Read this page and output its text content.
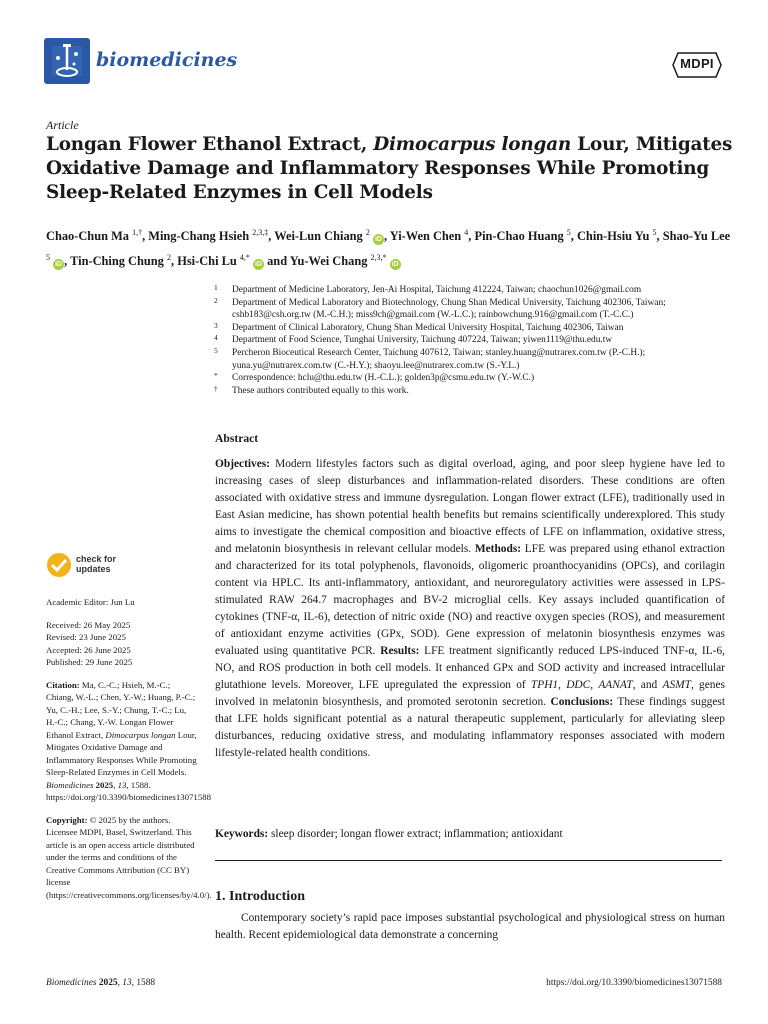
biomedicines	MDPI
Article
Longan Flower Ethanol Extract, Dimocarpus longan Lour, Mitigates Oxidative Damage and Inflammatory Responses While Promoting Sleep-Related Enzymes in Cell Models
Chao-Chun Ma $^{1,\dagger}$, Ming-Chang Hsieh $^{2,3,\ddagger}$, Wei-Lun Chiang $^2$ iD , Yi-Wen Chen $^4$, Pin-Chao Huang $^5$, Chin-Hsiu Yu $^5$, Shao-Yu Lee $^5$ iD , Tin-Ching Chung $^2$, Hsi-Chi Lu $^{4,*}$ iD and Yu-Wei Chang $^{2,3,*}$ iD
1 Department of Medicine Laboratory, Jen-Ai Hospital, Taichung 412224, Taiwan; chaochun1026@gmail.com
2 Department of Medical Laboratory and Biotechnology, Chung Shan Medical University, Taichung 402306, Taiwan; cshb183@csh.org.tw (M.-C.H.); miss9ch@gmail.com (W.-L.C.); rainbowchung.916@gmail.com (T.-C.C.)
3 Department of Clinical Laboratory, Chung Shan Medical University Hospital, Taichung 402306, Taiwan
4 Department of Food Science, Tunghai University, Taichung 407224, Taiwan; yiwen1119@thu.edu.tw
5 Percheron Bioceutical Research Center, Taichung 407612, Taiwan; stanley.huang@nutrarex.com.tw (P.-C.H.); yuna.yu@nutrarex.com.tw (C.-H.Y.); shaoyu.lee@nutrarex.com.tw (S.-Y.L.)
* Correspondence: hclu@thu.edu.tw (H.-C.L.); golden3p@csmu.edu.tw (Y.-W.C.)
† These authors contributed equally to this work.
check for
updates
Academic Editor: Jun Lu

Received: 26 May 2025

Revised: 23 June 2025

Accepted: 26 June 2025

Published: 29 June 2025

Citation: Ma, C.-C.; Hsieh, M.-C.; Chiang, W.-L.; Chen, Y.-W.; Huang, P.-C.; Yu, C.-H.; Lee, S.-Y.; Chung, T.-C.; Lu, H.-C.; Chang, Y.-W. Longan Flower Ethanol Extract, Dimocarpus longan Lour, Mitigates Oxidative Damage and Inflammatory Responses While Promoting Sleep-Related Enzymes in Cell Models. Biomedicines 2025, 13, 1588. https://doi.org/10.3390/biomedicines13071588
Copyright: © 2025 by the authors. Licensee MDPI, Basel, Switzerland. This article is an open access article distributed under the terms and conditions of the Creative Commons Attribution (CC BY) license (https://creativecommons.org/licenses/by/4.0/).
Abstract
Objectives: Modern lifestyles factors such as digital overload, aging, and poor sleep hygiene have led to increasing cases of sleep disturbances and inflammation-related disorders. These conditions are often associated with oxidative stress and immune dysregulation. Longan flower extract (LFE), traditionally used in East Asian medicine, has shown potential health benefits but remains scientifically underexplored. This study aims to investigate the chemical composition and bioactive effects of LFE on inflammation, oxidative stress, and melatonin biosynthesis in relevant cellular models. Methods: LFE was prepared using ethanol extraction and characterized for its total polyphenols, flavonoids, oligomeric proanthocyanidins (OPCs), and corilagin content via HPLC. Its anti-inflammatory, antioxidant, and neuroregulatory activities were assessed in LPS-stimulated RAW 264.7 macrophages and BV-2 microglial cells. Key assays included quantification of cytokines (TNF-α, IL-6), detection of nitric oxide (NO) and reactive oxygen species (ROS), and measurement of antioxidant enzyme activities (GPx, SOD). Gene expression of melatonin biosynthesis enzymes was evaluated using quantitative PCR. Results: LFE treatment significantly reduced LPS-induced TNF-α, IL-6, NO, and ROS production in both cell models. It enhanced GPx and SOD activity and increased intracellular glutathione levels. Moreover, LFE upregulated the expression of TPH1, DDC, AANAT, and ASMT, genes involved in melatonin biosynthesis, and promoted serotonin secretion. Conclusions: These findings suggest that LFE holds significant potential as a natural therapeutic supplement, particularly for alleviating sleep disturbances, reducing oxidative stress, and modulating inflammatory responses associated with modern lifestyle-related health conditions.
Keywords: sleep disorder; longan flower extract; inflammation; antioxidant
1. Introduction
Contemporary society’s rapid pace imposes substantial psychological and physiological stress on human health. Recent epidemiological data demonstrate a concerning
Biomedicines 2025, 13, 1588	https://doi.org/10.3390/biomedicines13071588
